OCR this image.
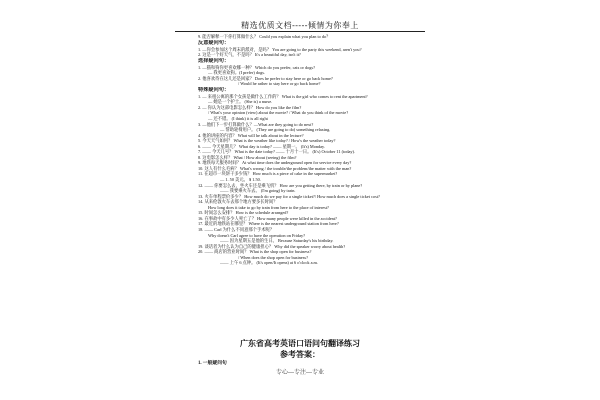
精选优质文档-----倾情为你奉上
9. 能否解释一下你打算做什么？ Could you explain what you plan to do？
反意疑问句：
1. —你会参加这个周末的派对，是吗？ You are going to the party this weekend, aren't you?
2. 这是一个好天气，不是吗？ It's a beautiful day, isn't it?
选择疑问句：
1. —猫和狗你更喜欢哪一种？ Which do you prefer, cats or dogs?
— 我更喜欢狗。(I prefer) dogs.
2. 他喜欢待在这儿还是回家？ Does he prefer to stay here or go back home?
/ Would he rather to stay here or go back home?
特殊疑问句：
1. — 来租公寓的那个女孩是做什么工作的？ What is the girl who comes to rent the apartment?
— 她是一个护士。 (She is) a nurse.
2. — 你认为这部电影怎么样？ How do you like the film?
/ What's your opinion (view) about the movie? / What do you think of the movie?
— 还不错。 (I think) it is all right
3. —他们下一步打算做什么？—What are they going to do next?
— 帮助轮椅用户。 (They are going to do) something relaxing.
4. 他的讲座的内容？ What will he talk about in the lecture?
5. 今天天气如何？ What is the weather like today? / How's the weather today?
6. —— 今天星期几？ What day is today? —— 星期一。 (It's) Monday.
7. —— 今天几号？ What is the date today? —— 十月十一日。 (It's) October 11 (today).
8. 这电影怎么样？ What / How about (seeing) the film?
9. 地铁每天服务时间？ At what time does the underground open for service every day?
10. 这人有什么毛病？ What's wrong / the trouble/the problem/the matter with the man?
11. 在超市一块饼干多少钱？ How much is a piece of cake in the supermarket?
— 1. 50 美元。 $ 1.50.
12. —— 你要怎么去，坐火车还是乘飞机？ How are you getting there, by train or by plane?
—— 我要乘火车去。 (I'm going) by train.
13. 火车单程票价多少？ How much do we pay for a single ticket?/ How much does a single ticket cost?
14. 从来伦敦火车去那个地方要多长时间？
How long does it take to go by train from here to the place of interest?
15. 时间怎么安排？ How is the schedule arranged?
16. 在事故中有多少人死亡了？ How many people were killed in the accident?
17. 最近的地铁站在哪里？ Where is the nearest underground station from here?
18. —— Carl 为什么不同意那个手术呢？
Why doesn't Carl agree to have the operation on Friday?
—— 因为星期五是他的生日。 Because Saturday's his birthday.
19. 谈话者为什么认为自己的健康担心？ Why did the speaker worry about health?
20. —— 商店的营业时间？ What is the shop open for business?
/ When does the shop open for business?
—— 上午 6 点钟。 (It's open/It opens) at 6 o'clock a.m.
广东省高考英语口语问句翻译练习
参考答案：
1. 一般疑问句
专心---专注---专业
